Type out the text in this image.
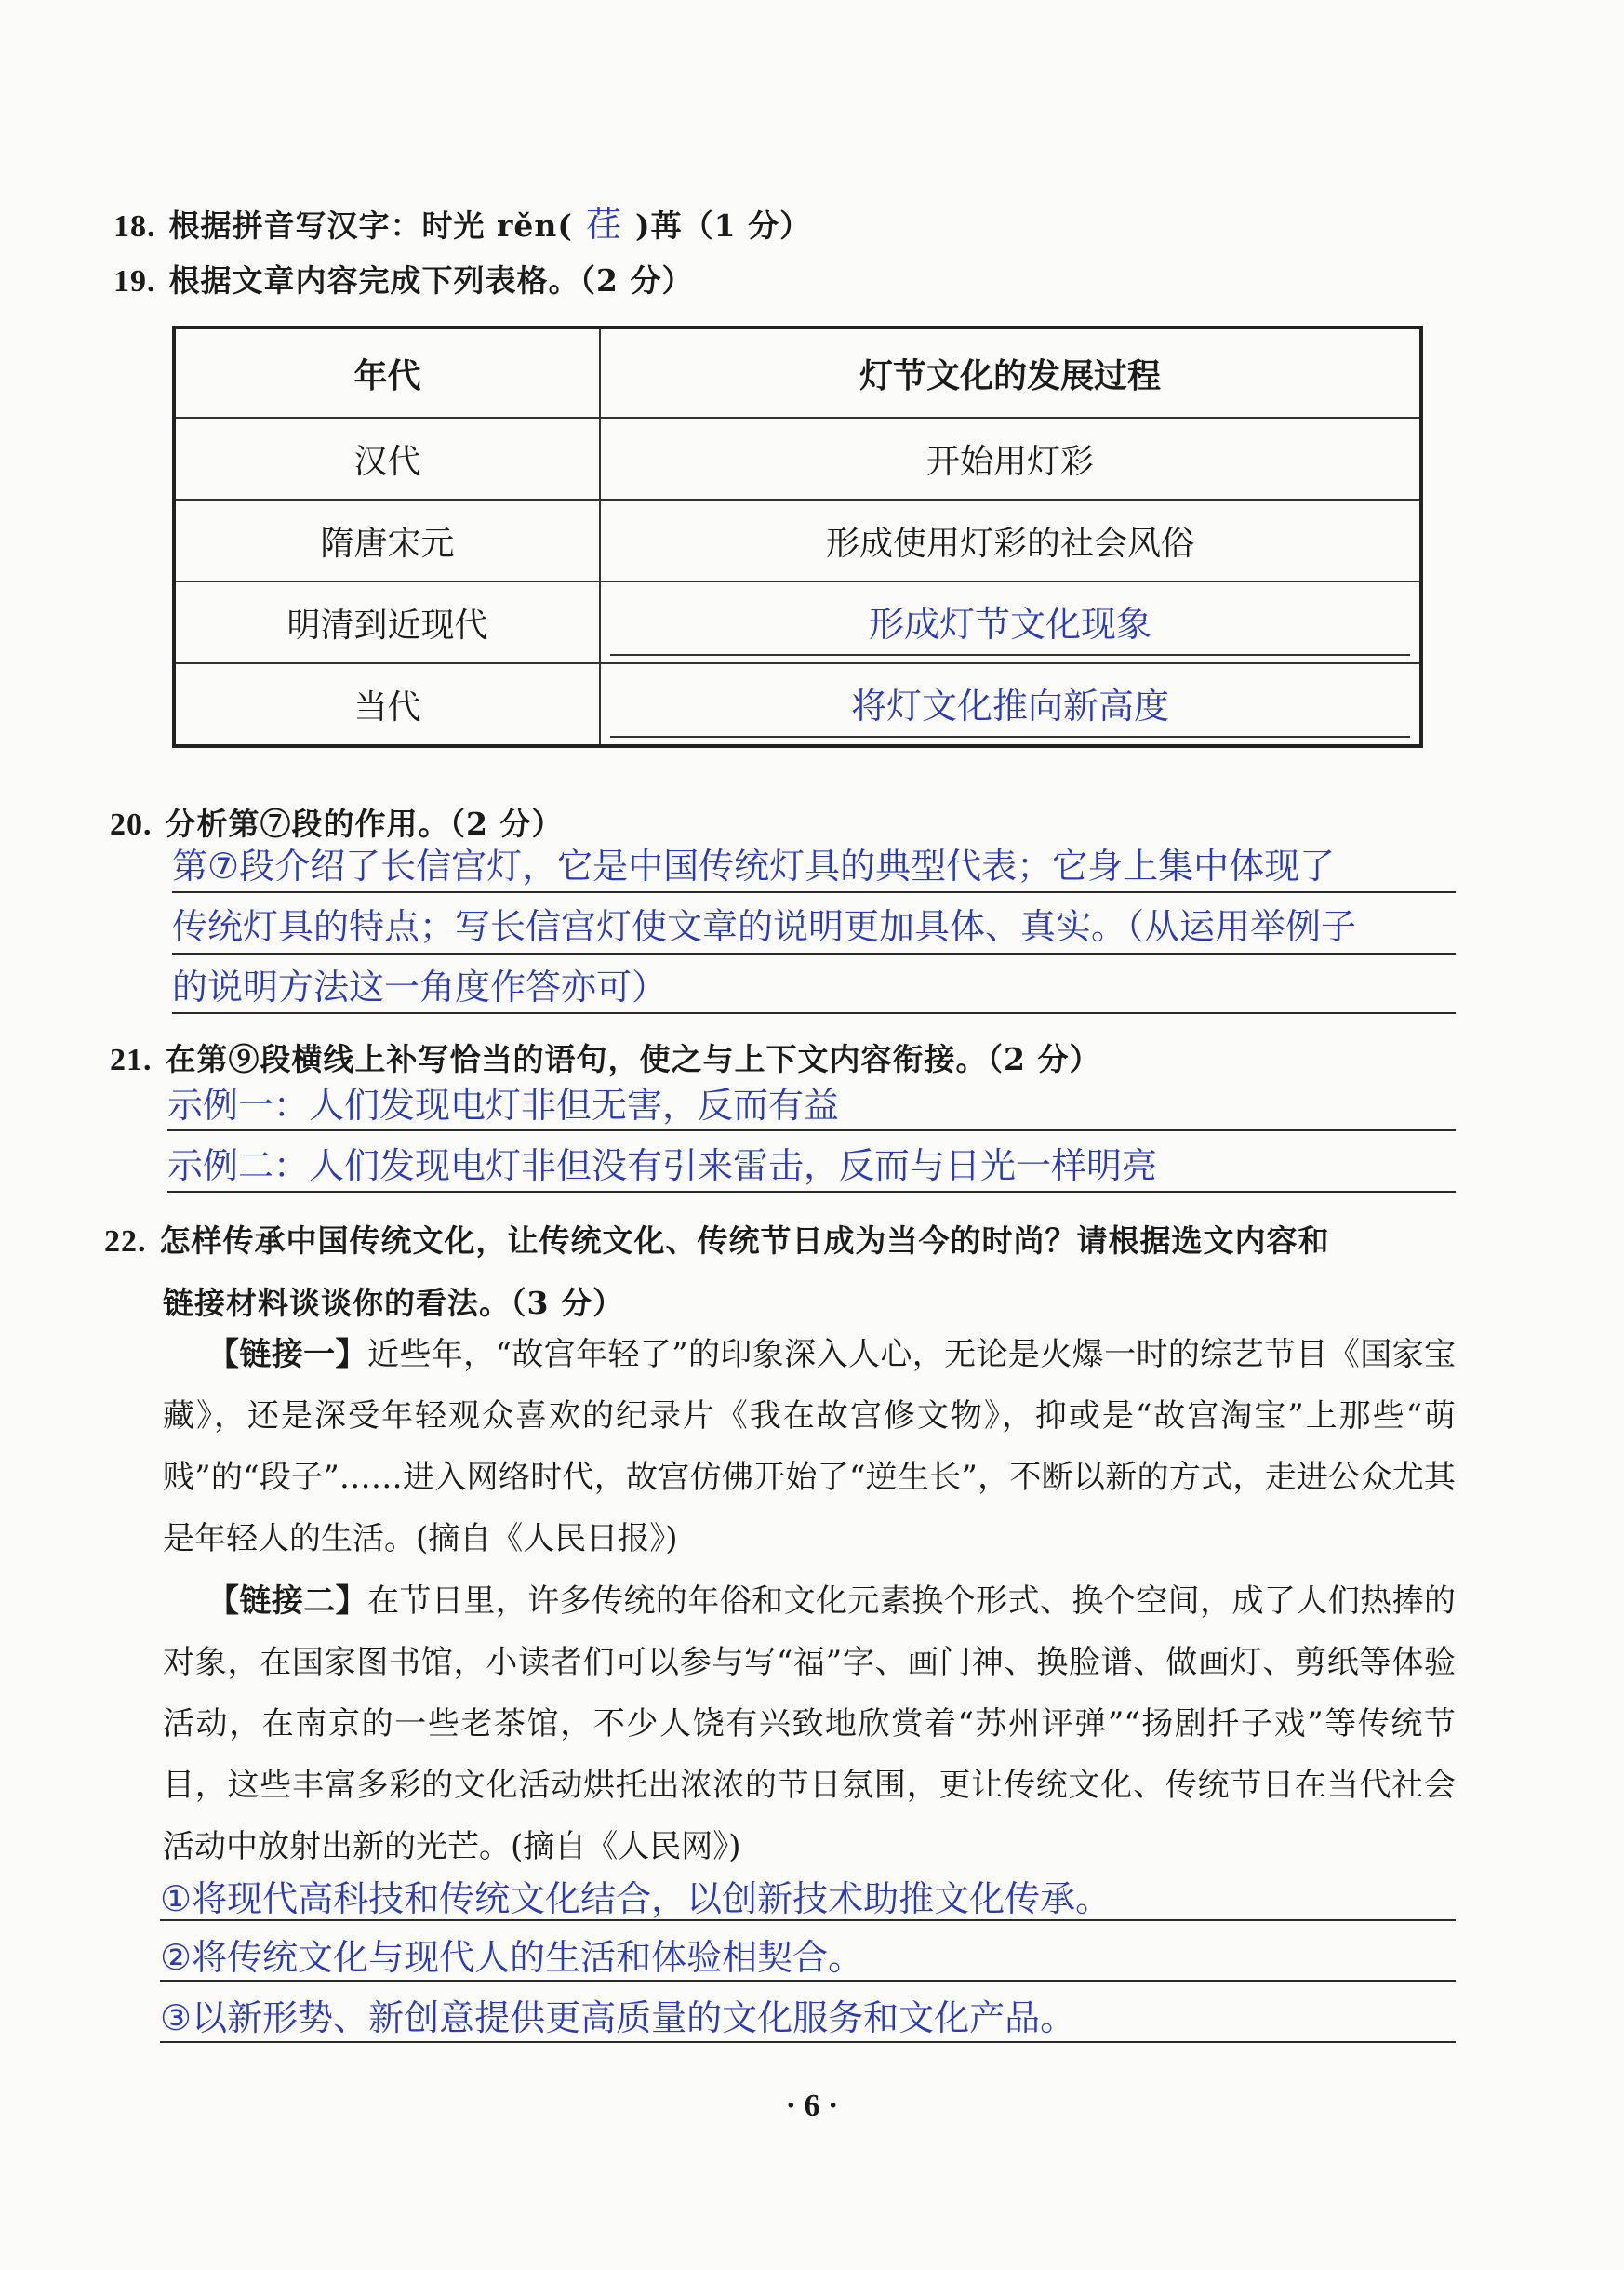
18. 根据拼音写汉字：时光 rěn( 荏 )苒（1 分）
19. 根据文章内容完成下列表格。（2 分）
年代	灯节文化的发展过程
汉代	开始用灯彩
隋唐宋元	形成使用灯彩的社会风俗
明清到近现代	形成灯节文化现象
当代	将灯文化推向新高度
20. 分析第⑦段的作用。（2 分）
第⑦段介绍了长信宫灯，它是中国传统灯具的典型代表；它身上集中体现了
传统灯具的特点；写长信宫灯使文章的说明更加具体、真实。（从运用举例子
的说明方法这一角度作答亦可）
21. 在第⑨段横线上补写恰当的语句，使之与上下文内容衔接。（2 分）
示例一：人们发现电灯非但无害，反而有益
示例二：人们发现电灯非但没有引来雷击，反而与日光一样明亮
22. 怎样传承中国传统文化，让传统文化、传统节日成为当今的时尚？请根据选文内容和
链接材料谈谈你的看法。（3 分）
【链接一】近些年，“故宫年轻了”的印象深入人心，无论是火爆一时的综艺节目《国家宝藏》，还是深受年轻观众喜欢的纪录片《我在故宫修文物》，抑或是“故宫淘宝”上那些“萌贱”的“段子”……进入网络时代，故宫仿佛开始了“逆生长”，不断以新的方式，走进公众尤其是年轻人的生活。(摘自《人民日报》)
【链接二】在节日里，许多传统的年俗和文化元素换个形式、换个空间，成了人们热捧的对象，在国家图书馆，小读者们可以参与写“福”字、画门神、换脸谱、做画灯、剪纸等体验活动，在南京的一些老茶馆，不少人饶有兴致地欣赏着“苏州评弹”“扬剧扦子戏”等传统节目，这些丰富多彩的文化活动烘托出浓浓的节日氛围，更让传统文化、传统节日在当代社会活动中放射出新的光芒。(摘自《人民网》)
①将现代高科技和传统文化结合，以创新技术助推文化传承。
②将传统文化与现代人的生活和体验相契合。
③以新形势、新创意提供更高质量的文化服务和文化产品。
· 6 ·
